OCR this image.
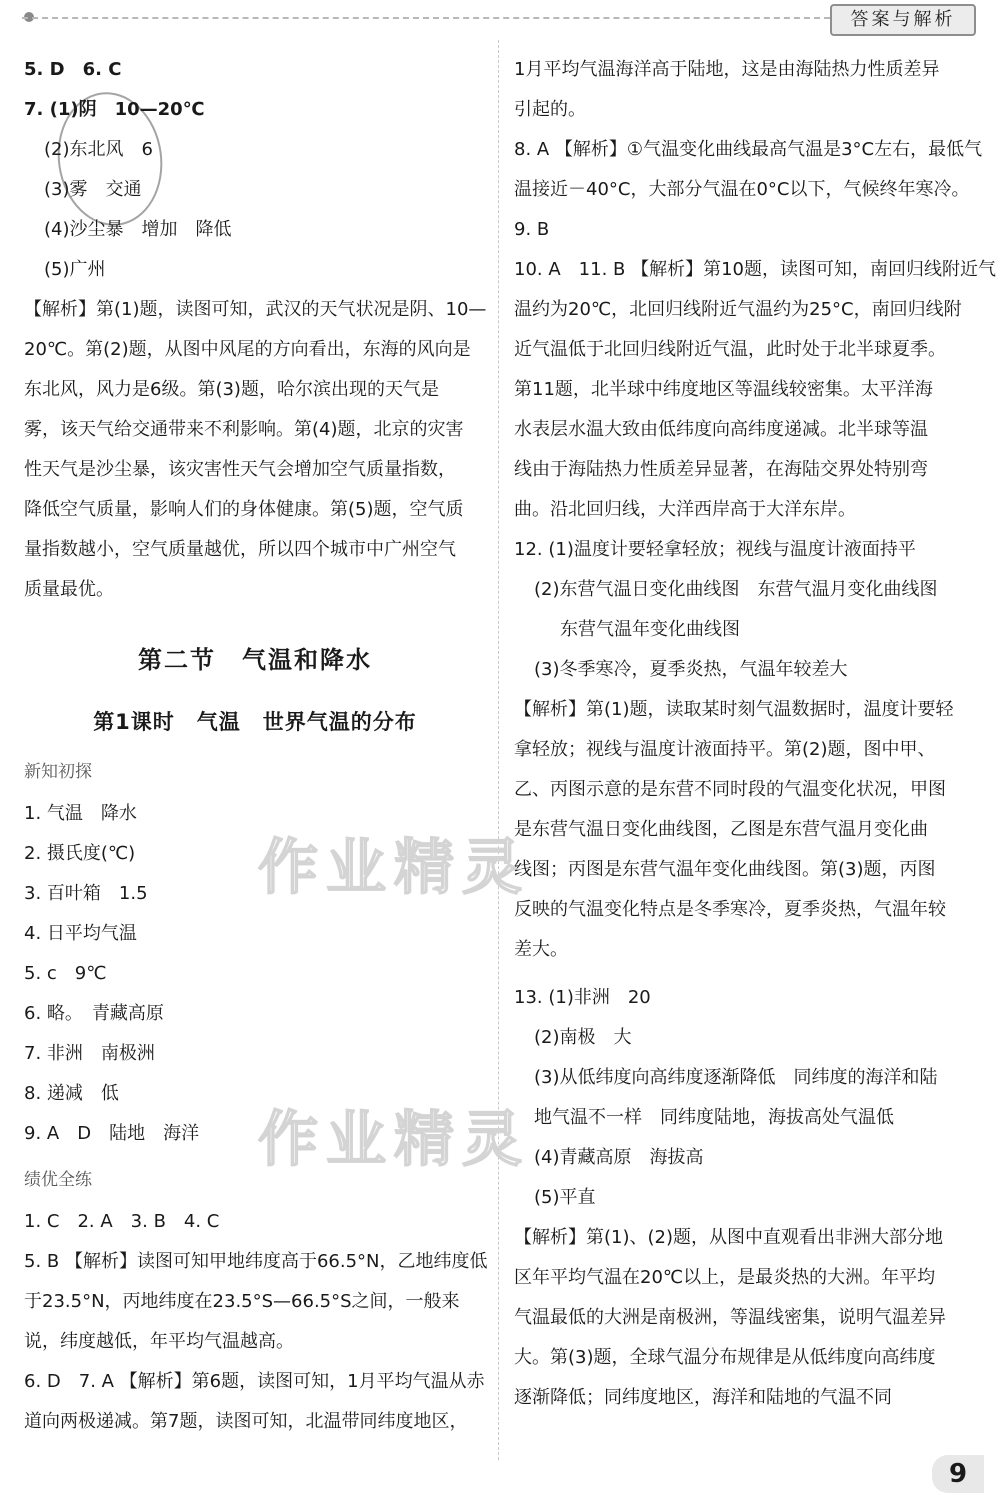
答案与解析
5. D　6. C
7. (1)阴　10—20℃
(2)东北风　6
(3)雾　交通
(4)沙尘暴　增加　降低
(5)广州
【解析】第(1)题，读图可知，武汉的天气状况是阴、10—
20℃。第(2)题，从图中风尾的方向看出，东海的风向是
东北风，风力是6级。第(3)题，哈尔滨出现的天气是
雾，该天气给交通带来不利影响。第(4)题，北京的灾害
性天气是沙尘暴，该灾害性天气会增加空气质量指数，
降低空气质量，影响人们的身体健康。第(5)题，空气质
量指数越小，空气质量越优，所以四个城市中广州空气
质量最优。
第二节　气温和降水
第1课时　气温　世界气温的分布
新知初探
1. 气温　降水
2. 摄氏度(℃)
3. 百叶箱　1.5
4. 日平均气温
5. c　9℃
6. 略。　青藏高原
7. 非洲　南极洲
8. 递减　低
9. A　D　陆地　海洋
绩优全练
1. C　2. A　3. B　4. C
5. B 【解析】读图可知甲地纬度高于66.5°N，乙地纬度低
于23.5°N，丙地纬度在23.5°S—66.5°S之间，一般来
说，纬度越低，年平均气温越高。
6. D　7. A 【解析】第6题，读图可知，1月平均气温从赤
道向两极递减。第7题，读图可知，北温带同纬度地区，
1月平均气温海洋高于陆地，这是由海陆热力性质差异
引起的。
8. A 【解析】①气温变化曲线最高气温是3°C左右，最低气
温接近－40°C，大部分气温在0°C以下，气候终年寒冷。
9. B
10. A　11. B 【解析】第10题，读图可知，南回归线附近气
温约为20℃，北回归线附近气温约为25°C，南回归线附
近气温低于北回归线附近气温，此时处于北半球夏季。
第11题，北半球中纬度地区等温线较密集。太平洋海
水表层水温大致由低纬度向高纬度递减。北半球等温
线由于海陆热力性质差异显著，在海陆交界处特别弯
曲。沿北回归线，大洋西岸高于大洋东岸。
12. (1)温度计要轻拿轻放；视线与温度计液面持平
(2)东营气温日变化曲线图　东营气温月变化曲线图
东营气温年变化曲线图
(3)冬季寒冷，夏季炎热，气温年较差大
【解析】第(1)题，读取某时刻气温数据时，温度计要轻
拿轻放；视线与温度计液面持平。第(2)题，图中甲、
乙、丙图示意的是东营不同时段的气温变化状况，甲图
是东营气温日变化曲线图，乙图是东营气温月变化曲
线图；丙图是东营气温年变化曲线图。第(3)题，丙图
反映的气温变化特点是冬季寒冷，夏季炎热，气温年较
差大。
13. (1)非洲　20
(2)南极　大
(3)从低纬度向高纬度逐渐降低　同纬度的海洋和陆
地气温不一样　同纬度陆地，海拔高处气温低
(4)青藏高原　海拔高
(5)平直
【解析】第(1)、(2)题，从图中直观看出非洲大部分地
区年平均气温在20℃以上，是最炎热的大洲。年平均
气温最低的大洲是南极洲，等温线密集，说明气温差异
大。第(3)题，全球气温分布规律是从低纬度向高纬度
逐渐降低；同纬度地区，海洋和陆地的气温不同
作业精灵
作业精灵
9
